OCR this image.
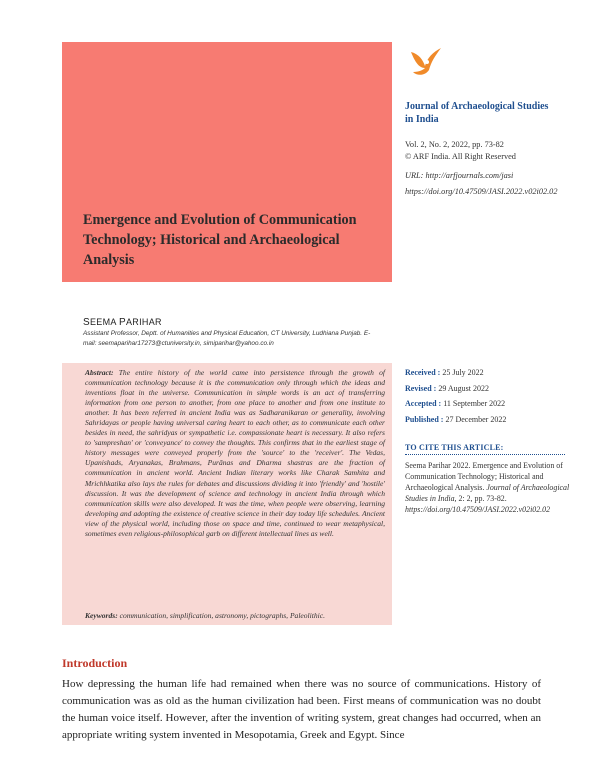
Emergence and Evolution of Communication Technology; Historical and Archaeological Analysis
Journal of Archaeological Studies in India
Vol. 2, No. 2, 2022, pp. 73-82
© ARF India. All Right Reserved
URL: http://arfjournals.com/jasi
https://doi.org/10.47509/JASI.2022.v02i02.02
SEEMA PARIHAR
Assistant Professor, Deptt. of Humanities and Physical Education, CT University, Ludhiana Punjab. E-mail: seemaparihar17273@ctuniversity.in, simiparihar@yahoo.co.in

Abstract: The entire history of the world came into persistence through the growth of communication technology because it is the communication only through which the ideas and inventions float in the universe. Communication in simple words is an act of transferring information from one person to another, from one place to another and from one institute to another. It has been referred in ancient India was as Sadharanikaran or generality, involving Sahridayas or people having universal caring heart to each other, as to communicate each other besides in need, the sahridyas or sympathetic i.e. compassionate heart is necessary. It also refers to 'sampreshan' or 'conveyance' to convey the thoughts. This confirms that in the earliest stage of history messages were conveyed properly from the 'source' to the 'receiver'. The Vedas, Upanishads, Aryanakas, Brahmans, Purānas and Dharma shastras are the fraction of communication in ancient world. Ancient Indian literary works like Charak Samhita and Mrichhkatika also lays the rules for debates and discussions dividing it into 'friendly' and 'hostile' discussion. It was the development of science and technology in ancient India through which communication skills were also developed. It was the time, when people were observing, learning developing and adopting the existence of creative science in their day today life schedules. Ancient view of the physical world, including those on space and time, continued to wear metaphysical, sometimes even religious-philosophical garb on different intellectual lines as well.

Keywords: communication, simplification, astronomy, pictographs, Paleolithic.

Received : 25 July 2022
Revised : 29 August 2022
Accepted : 11 September 2022
Published : 27 December 2022
TO CITE THIS ARTICLE:
Seema Parihar 2022. Emergence and Evolution of Communication Technology; Historical and Archaeological Analysis. Journal of Archaeological Studies in India, 2: 2, pp. 73-82. https://doi.org/10.47509/JASI.2022.v02i02.02
Introduction

How depressing the human life had remained when there was no source of communications. History of communication was as old as the human civilization had been. First means of communication was no doubt the human voice itself. However, after the invention of writing system, great changes had occurred, when an appropriate writing system invented in Mesopotamia, Greek and Egypt. Since
